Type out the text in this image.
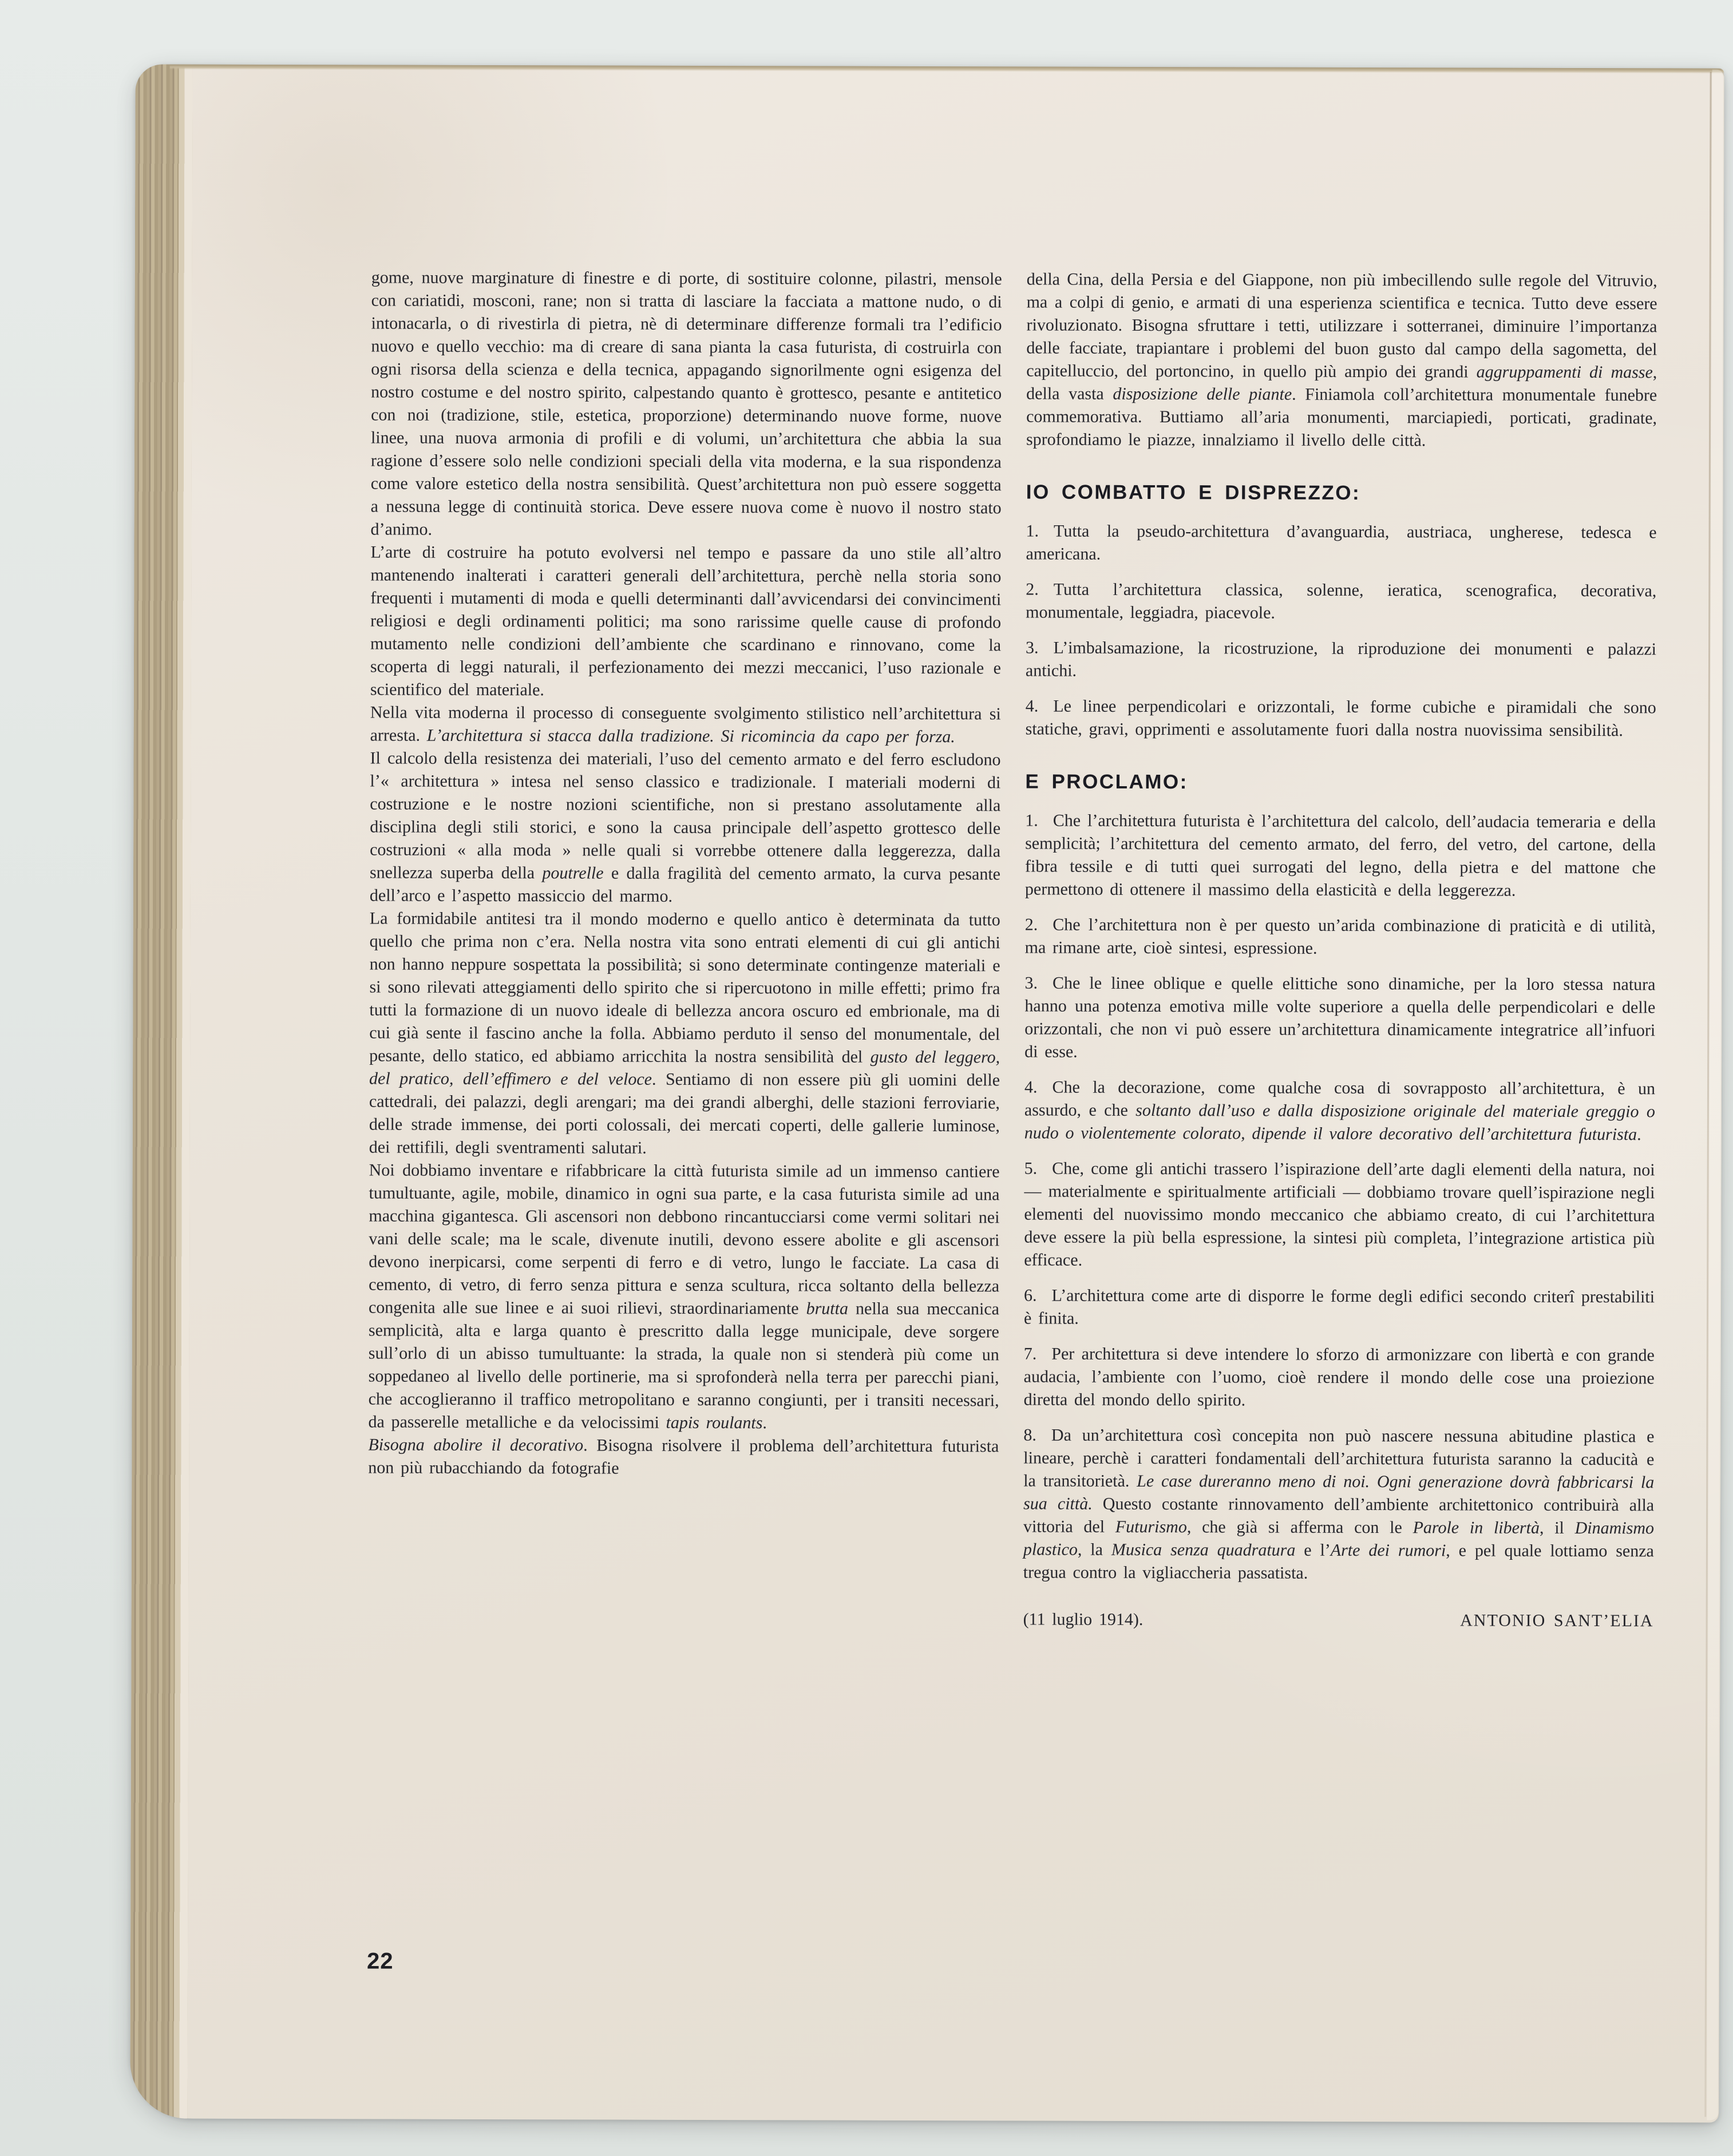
gome, nuove marginature di finestre e di porte, di sostituire colonne, pilastri, mensole con cariatidi, mosconi, rane; non si tratta di lasciare la facciata a mattone nudo, o di intonacarla, o di rivestirla di pietra, nè di determinare differenze formali tra l’edificio nuovo e quello vecchio: ma di creare di sana pianta la casa futurista, di costruirla con ogni risorsa della scienza e della tecnica, appagando signorilmente ogni esigenza del nostro costume e del nostro spirito, calpestando quanto è grottesco, pesante e antitetico con noi (tradizione, stile, estetica, proporzione) determinando nuove forme, nuove linee, una nuova armonia di profili e di volumi, un’architettura che abbia la sua ragione d’essere solo nelle condizioni speciali della vita moderna, e la sua rispondenza come valore estetico della nostra sensibilità. Quest’architettura non può essere soggetta a nessuna legge di continuità storica. Deve essere nuova come è nuovo il nostro stato d’animo.

L’arte di costruire ha potuto evolversi nel tempo e passare da uno stile all’altro mantenendo inalterati i caratteri generali dell’architettura, perchè nella storia sono frequenti i mutamenti di moda e quelli determinanti dall’avvicendarsi dei convincimenti religiosi e degli ordinamenti politici; ma sono rarissime quelle cause di profondo mutamento nelle condizioni dell’ambiente che scardinano e rinnovano, come la scoperta di leggi naturali, il perfezionamento dei mezzi meccanici, l’uso razionale e scientifico del materiale.

Nella vita moderna il processo di conseguente svolgimento stilistico nell’architettura si arresta. L’architettura si stacca dalla tradizione. Si ricomincia da capo per forza.

Il calcolo della resistenza dei materiali, l’uso del cemento armato e del ferro escludono l’« architettura » intesa nel senso classico e tradizionale. I materiali moderni di costruzione e le nostre nozioni scientifiche, non si prestano assolutamente alla disciplina degli stili storici, e sono la causa principale dell’aspetto grottesco delle costruzioni « alla moda » nelle quali si vorrebbe ottenere dalla leggerezza, dalla snellezza superba della poutrelle e dalla fragilità del cemento armato, la curva pesante dell’arco e l’aspetto massiccio del marmo.

La formidabile antitesi tra il mondo moderno e quello antico è determinata da tutto quello che prima non c’era. Nella nostra vita sono entrati elementi di cui gli antichi non hanno neppure sospettata la possibilità; si sono determinate contingenze materiali e si sono rilevati atteggiamenti dello spirito che si ripercuotono in mille effetti; primo fra tutti la formazione di un nuovo ideale di bellezza ancora oscuro ed embrionale, ma di cui già sente il fascino anche la folla. Abbiamo perduto il senso del monumentale, del pesante, dello statico, ed abbiamo arricchita la nostra sensibilità del gusto del leggero, del pratico, dell’effimero e del veloce. Sentiamo di non essere più gli uomini delle cattedrali, dei palazzi, degli arengari; ma dei grandi alberghi, delle stazioni ferroviarie, delle strade immense, dei porti colossali, dei mercati coperti, delle gallerie luminose, dei rettifili, degli sventramenti salutari.

Noi dobbiamo inventare e rifabbricare la città futurista simile ad un immenso cantiere tumultuante, agile, mobile, dinamico in ogni sua parte, e la casa futurista simile ad una macchina gigantesca. Gli ascensori non debbono rincantucciarsi come vermi solitari nei vani delle scale; ma le scale, divenute inutili, devono essere abolite e gli ascensori devono inerpicarsi, come serpenti di ferro e di vetro, lungo le facciate. La casa di cemento, di vetro, di ferro senza pittura e senza scultura, ricca soltanto della bellezza congenita alle sue linee e ai suoi rilievi, straordinariamente brutta nella sua meccanica semplicità, alta e larga quanto è prescritto dalla legge municipale, deve sorgere sull’orlo di un abisso tumultuante: la strada, la quale non si stenderà più come un soppedaneo al livello delle portinerie, ma si sprofonderà nella terra per parecchi piani, che accoglieranno il traffico metropolitano e saranno congiunti, per i transiti necessari, da passerelle metalliche e da velocissimi tapis roulants.

Bisogna abolire il decorativo. Bisogna risolvere il problema dell’architettura futurista non più rubacchiando da fotografie

della Cina, della Persia e del Giappone, non più imbecillendo sulle regole del Vitruvio, ma a colpi di genio, e armati di una esperienza scientifica e tecnica. Tutto deve essere rivoluzionato. Bisogna sfruttare i tetti, utilizzare i sotterranei, diminuire l’importanza delle facciate, trapiantare i problemi del buon gusto dal campo della sagometta, del capitelluccio, del portoncino, in quello più ampio dei grandi aggruppamenti di masse, della vasta disposizione delle piante. Finiamola coll’architettura monumentale funebre commemorativa. Buttiamo all’aria monumenti, marciapiedi, porticati, gradinate, sprofondiamo le piazze, innalziamo il livello delle città.

IO COMBATTO E DISPREZZO:

1. Tutta la pseudo-architettura d’avanguardia, austriaca, ungherese, tedesca e americana.

2. Tutta l’architettura classica, solenne, ieratica, scenografica, decorativa, monumentale, leggiadra, piacevole.

3. L’imbalsamazione, la ricostruzione, la riproduzione dei monumenti e palazzi antichi.

4. Le linee perpendicolari e orizzontali, le forme cubiche e piramidali che sono statiche, gravi, opprimenti e assolutamente fuori dalla nostra nuovissima sensibilità.

E PROCLAMO:

1. Che l’architettura futurista è l’architettura del calcolo, dell’audacia temeraria e della semplicità; l’architettura del cemento armato, del ferro, del vetro, del cartone, della fibra tessile e di tutti quei surrogati del legno, della pietra e del mattone che permettono di ottenere il massimo della elasticità e della leggerezza.

2. Che l’architettura non è per questo un’arida combinazione di praticità e di utilità, ma rimane arte, cioè sintesi, espressione.

3. Che le linee oblique e quelle elittiche sono dinamiche, per la loro stessa natura hanno una potenza emotiva mille volte superiore a quella delle perpendicolari e delle orizzontali, che non vi può essere un’architettura dinamicamente integratrice all’infuori di esse.

4. Che la decorazione, come qualche cosa di sovrapposto all’architettura, è un assurdo, e che soltanto dall’uso e dalla disposizione originale del materiale greggio o nudo o violentemente colorato, dipende il valore decorativo dell’architettura futurista.

5. Che, come gli antichi trassero l’ispirazione dell’arte dagli elementi della natura, noi — materialmente e spiritualmente artificiali — dobbiamo trovare quell’ispirazione negli elementi del nuovissimo mondo meccanico che abbiamo creato, di cui l’architettura deve essere la più bella espressione, la sintesi più completa, l’integrazione artistica più efficace.

6. L’architettura come arte di disporre le forme degli edifici secondo criterî prestabiliti è finita.

7. Per architettura si deve intendere lo sforzo di armonizzare con libertà e con grande audacia, l’ambiente con l’uomo, cioè rendere il mondo delle cose una proiezione diretta del mondo dello spirito.

8. Da un’architettura così concepita non può nascere nessuna abitudine plastica e lineare, perchè i caratteri fondamentali dell’architettura futurista saranno la caducità e la transitorietà. Le case dureranno meno di noi. Ogni generazione dovrà fabbricarsi la sua città. Questo costante rinnovamento dell’ambiente architettonico contribuirà alla vittoria del Futurismo, che già si afferma con le Parole in libertà, il Dinamismo plastico, la Musica senza quadratura e l’Arte dei rumori, e pel quale lottiamo senza tregua contro la vigliaccheria passatista.

(11 luglio 1914).	ANTONIO SANT’ELIA
22
